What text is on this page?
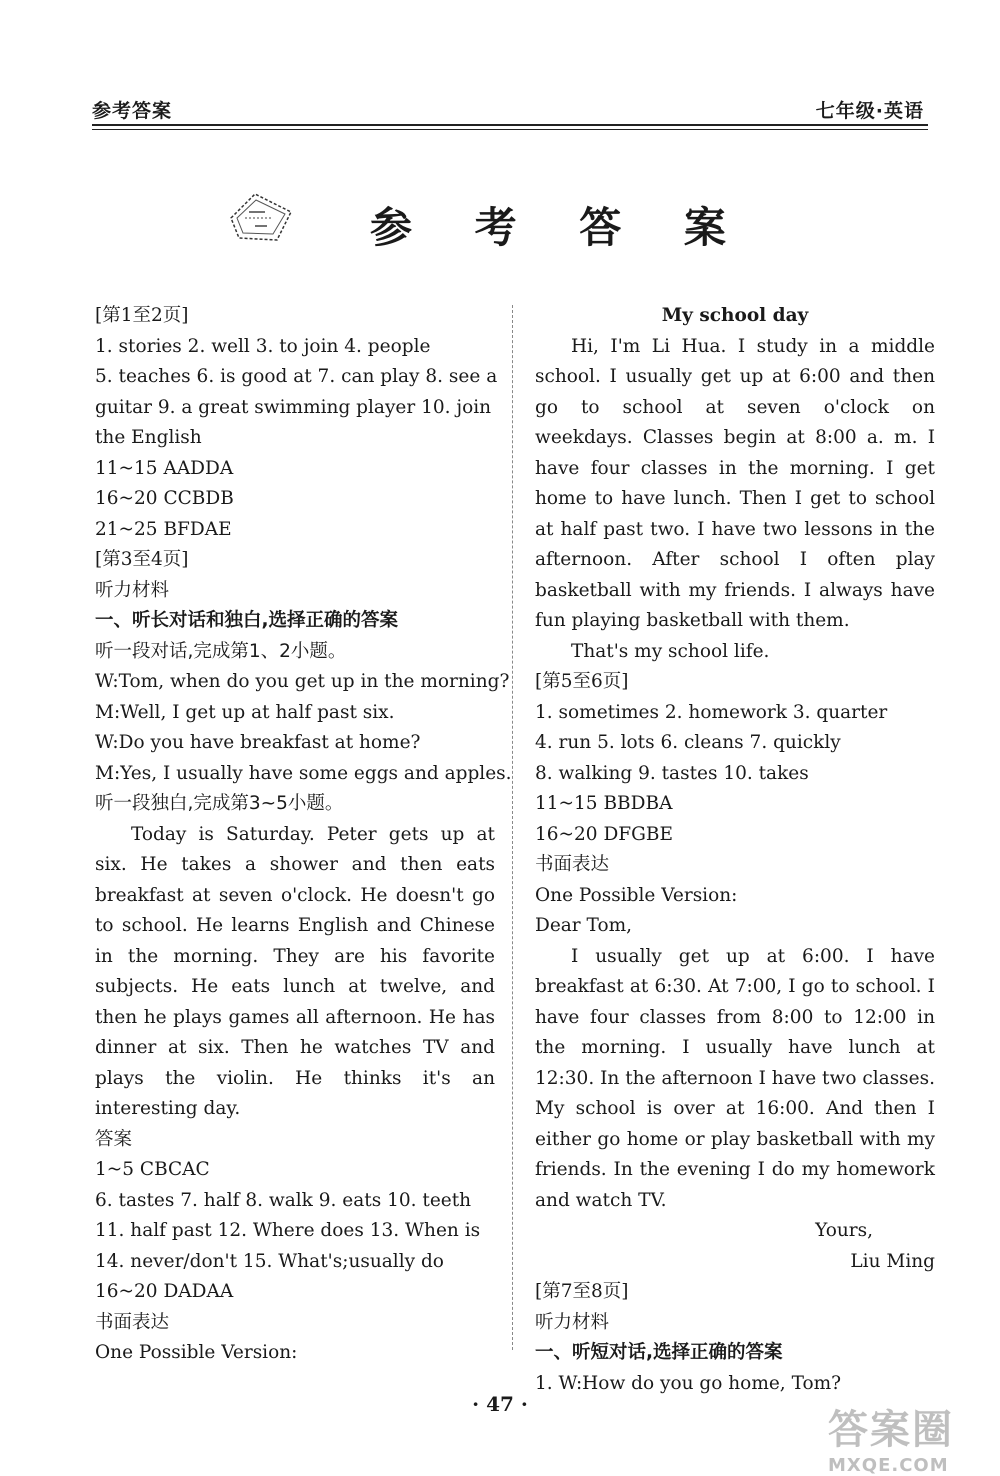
参考答案	七年级·英语
参 考 答 案
[第1至2页]
1. stories 2. well 3. to join 4. people
5. teaches 6. is good at 7. can play 8. see a
guitar 9. a great swimming player 10. join
the English
11~15 AADDA
16~20 CCBDB
21~25 BFDAE
[第3至4页]
听力材料
一、听长对话和独白,选择正确的答案
听一段对话,完成第1、2小题。
W:Tom, when do you get up in the morning?
M:Well, I get up at half past six.
W:Do you have breakfast at home?
M:Yes, I usually have some eggs and apples.
听一段独白,完成第3~5小题。
Today is Saturday. Peter gets up at six. He takes a shower and then eats breakfast at seven o'clock. He doesn't go to school. He learns English and Chinese in the morning. They are his favorite subjects. He eats lunch at twelve, and then he plays games all afternoon. He has dinner at six. Then he watches TV and plays the violin. He thinks it's an interesting day.
答案
1~5 CBCAC
6. tastes 7. half 8. walk 9. eats 10. teeth
11. half past 12. Where does 13. When is
14. never/don't 15. What's;usually do
16~20 DADAA
书面表达
One Possible Version:
My school day
Hi, I'm Li Hua. I study in a middle school. I usually get up at 6:00 and then go to school at seven o'clock on weekdays. Classes begin at 8:00 a. m. I have four classes in the morning. I get home to have lunch. Then I get to school at half past two. I have two lessons in the afternoon. After school I often play basketball with my friends. I always have fun playing basketball with them.
That's my school life.
[第5至6页]
1. sometimes 2. homework 3. quarter
4. run 5. lots 6. cleans 7. quickly
8. walking 9. tastes 10. takes
11~15 BBDBA
16~20 DFGBE
书面表达
One Possible Version:
Dear Tom,
I usually get up at 6:00. I have breakfast at 6:30. At 7:00, I go to school. I have four classes from 8:00 to 12:00 in the morning. I usually have lunch at 12:30. In the afternoon I have two classes. My school is over at 16:00. And then I either go home or play basketball with my friends. In the evening I do my homework and watch TV.
Yours,
Liu Ming
[第7至8页]
听力材料
一、听短对话,选择正确的答案
1. W:How do you go home, Tom?
· 47 ·
答案圈
MXQE.COM
